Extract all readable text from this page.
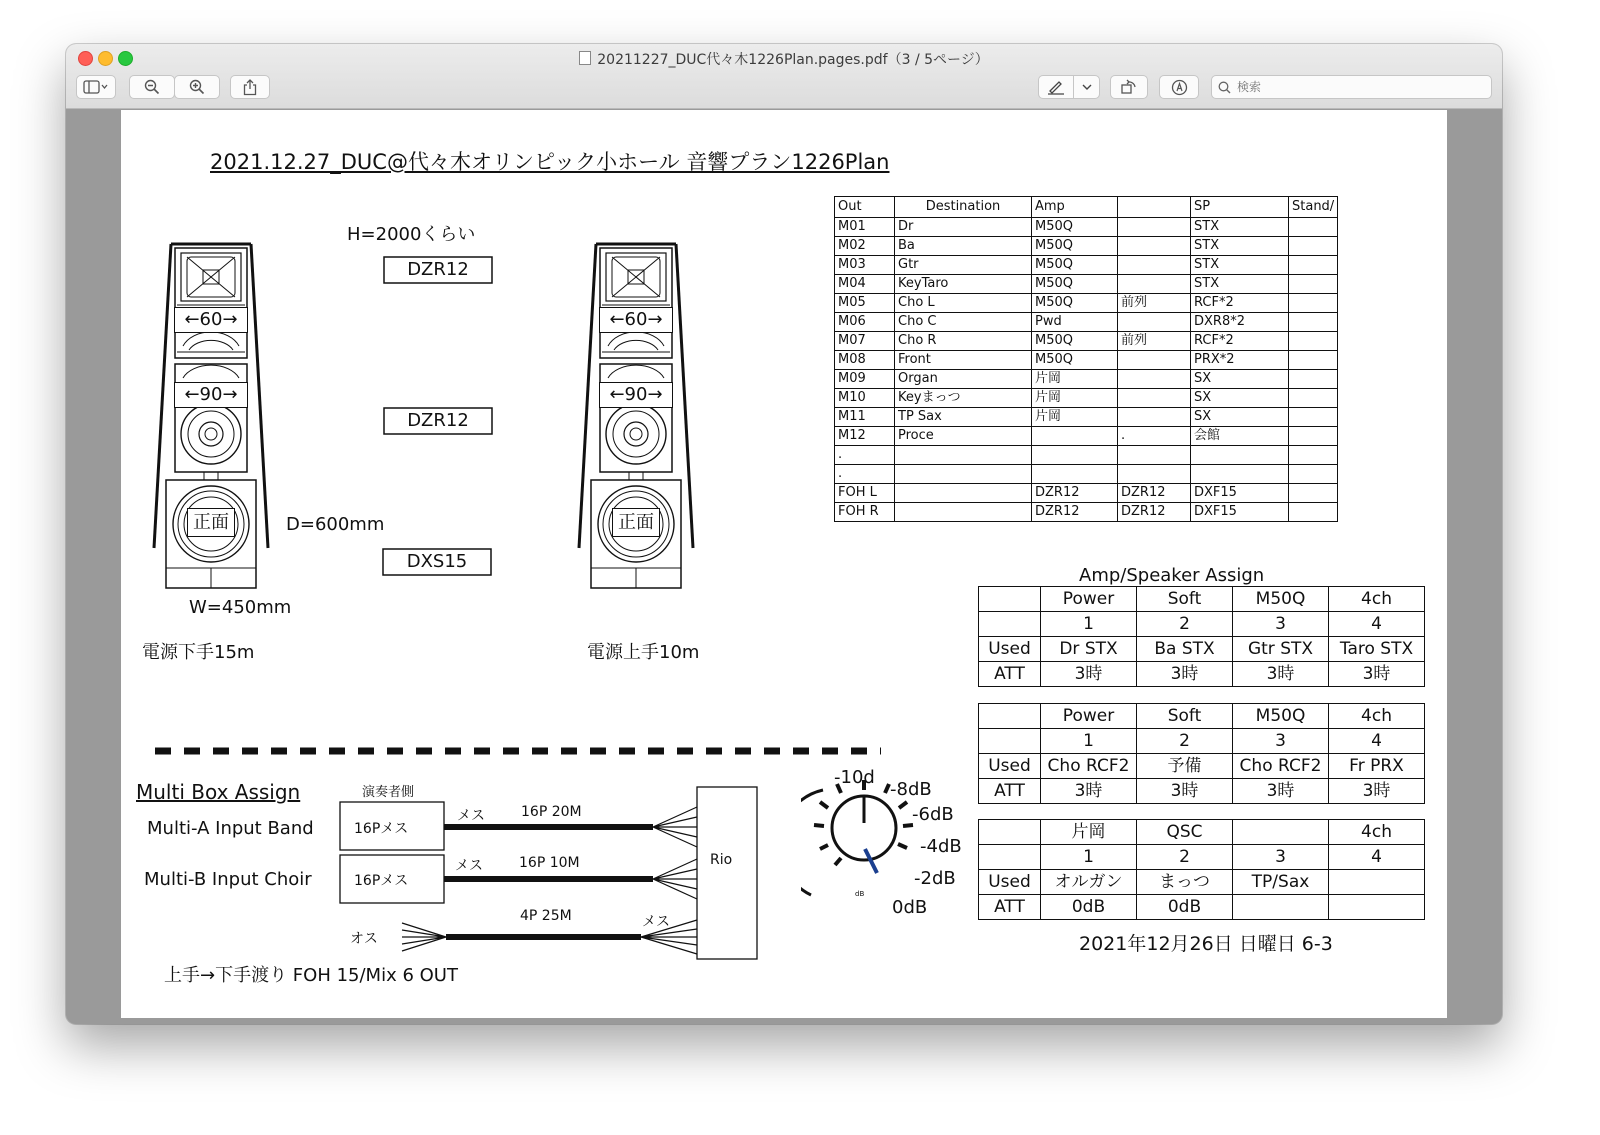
20211227_DUC代々木1226Plan.pages.pdf（3 / 5ページ）
検索
2021.12.27_DUC@代々木オリンピック小ホール 音響プラン1226Plan
←60→
←90→
正面
←60→
←90→
正面
DZR12
DZR12
DXS15
H=2000くらい
D=600mm
W=450mm
電源下手15m	電源上手10m
Out	Destination	Amp		SP	Stand/
M01	Dr	M50Q		STX	
M02	Ba	M50Q		STX	
M03	Gtr	M50Q		STX	
M04	KeyTaro	M50Q		STX	
M05	Cho L	M50Q	前列	RCF*2	
M06	Cho C	Pwd		DXR8*2	
M07	Cho R	M50Q	前列	RCF*2	
M08	Front	M50Q		PRX*2	
M09	Organ	片岡		SX	
M10	Keyまっつ	片岡		SX	
M11	TP Sax	片岡		SX	
M12	Proce		.	会館	
.					
.					
FOH L		DZR12	DZR12	DXF15	
FOH R		DZR12	DZR12	DXF15	
Amp/Speaker Assign
	Power	Soft	M50Q	4ch
	1	2	3	4
Used	Dr STX	Ba STX	Gtr STX	Taro STX
ATT	3時	3時	3時	3時
	Power	Soft	M50Q	4ch
	1	2	3	4
Used	Cho RCF2	予備	Cho RCF2	Fr PRX
ATT	3時	3時	3時	3時
	片岡	QSC		4ch
	1	2	3	4
Used	オルガン	まっつ	TP/Sax	
ATT	0dB	0dB		
2021年12月26日 日曜日 6-3
Multi Box Assign	演奏者側
Multi-A Input Band
Multi-B Input Choir
16Pメス
16Pメス
メス	16P 20M
メス	16P 10M
4P 25M
オス
メス
Rio
上手→下手渡り FOH 15/Mix 6 OUT
-10d
-8dB
-6dB
-4dB
-2dB
0dB
dB
